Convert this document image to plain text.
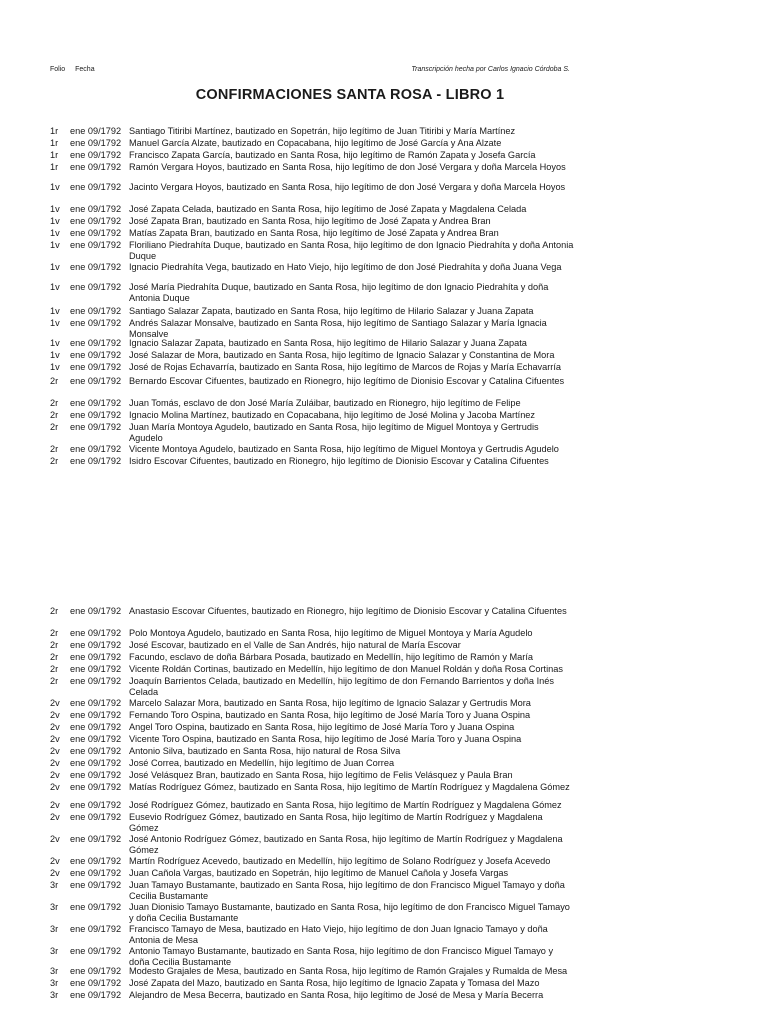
Folio Fecha	Transcripción hecha por Carlos Ignacio Córdoba S.
CONFIRMACIONES SANTA ROSA - LIBRO 1
1r ene 09/1792 Santiago Titiribi Martínez, bautizado en Sopetrán, hijo legítimo de Juan Titiribi y María Martínez
1r ene 09/1792 Manuel García Alzate, bautizado en Copacabana, hijo legítimo de José García y Ana Alzate
1r ene 09/1792 Francisco Zapata García, bautizado en Santa Rosa, hijo legítimo de Ramón Zapata y Josefa García
1r ene 09/1792 Ramón Vergara Hoyos, bautizado en Santa Rosa, hijo legítimo de don José Vergara y doña Marcela Hoyos
1v ene 09/1792 Jacinto Vergara Hoyos, bautizado en Santa Rosa, hijo legítimo de don José Vergara y doña Marcela Hoyos
1v ene 09/1792 José Zapata Celada, bautizado en Santa Rosa, hijo legítimo de José Zapata y Magdalena Celada
1v ene 09/1792 José Zapata Bran, bautizado en Santa Rosa, hijo legítimo de José Zapata y Andrea Bran
1v ene 09/1792 Matías Zapata Bran, bautizado en Santa Rosa, hijo legítimo de José Zapata y Andrea Bran
1v ene 09/1792 Floriliano Piedrahíta Duque, bautizado en Santa Rosa, hijo legítimo de don Ignacio Piedrahíta y doña Antonia Duque
1v ene 09/1792 Ignacio Piedrahíta Vega, bautizado en Hato Viejo, hijo legítimo de don José Piedrahíta y doña Juana Vega
1v ene 09/1792 José María Piedrahíta Duque, bautizado en Santa Rosa, hijo legítimo de don Ignacio Piedrahíta y doña Antonia Duque
1v ene 09/1792 Santiago Salazar Zapata, bautizado en Santa Rosa, hijo legítimo de Hilario Salazar y Juana Zapata
1v ene 09/1792 Andrés Salazar Monsalve, bautizado en Santa Rosa, hijo legítimo de Santiago Salazar y María Ignacia Monsalve
1v ene 09/1792 Ignacio Salazar Zapata, bautizado en Santa Rosa, hijo legítimo de Hilario Salazar y Juana Zapata
1v ene 09/1792 José Salazar de Mora, bautizado en Santa Rosa, hijo legítimo de Ignacio Salazar y Constantina de Mora
1v ene 09/1792 José de Rojas Echavarría, bautizado en Santa Rosa, hijo legítimo de Marcos de Rojas y María Echavarría
2r ene 09/1792 Bernardo Escovar Cifuentes, bautizado en Rionegro, hijo legítimo de Dionisio Escovar y Catalina Cifuentes
2r ene 09/1792 Juan Tomás, esclavo de don José María Zuláibar, bautizado en Rionegro, hijo legítimo de Felipe
2r ene 09/1792 Ignacio Molina Martínez, bautizado en Copacabana, hijo legítimo de José Molina y Jacoba Martínez
2r ene 09/1792 Juan María Montoya Agudelo, bautizado en Santa Rosa, hijo legítimo de Miguel Montoya y Gertrudis Agudelo
2r ene 09/1792 Vicente Montoya Agudelo, bautizado en Santa Rosa, hijo legítimo de Miguel Montoya y Gertrudis Agudelo
2r ene 09/1792 Isidro Escovar Cifuentes, bautizado en Rionegro, hijo legítimo de Dionisio Escovar y Catalina Cifuentes
2r ene 09/1792 Anastasio Escovar Cifuentes, bautizado en Rionegro, hijo legítimo de Dionisio Escovar y Catalina Cifuentes
2r ene 09/1792 Polo Montoya Agudelo, bautizado en Santa Rosa, hijo legítimo de Miguel Montoya y María Agudelo
2r ene 09/1792 José Escovar, bautizado en el Valle de San Andrés, hijo natural de María Escovar
2r ene 09/1792 Facundo, esclavo de doña Bárbara Posada, bautizado en Medellín, hijo legítimo de Ramón y María
2r ene 09/1792 Vicente Roldán Cortinas, bautizado en Medellín, hijo legítimo de don Manuel Roldán y doña Rosa Cortinas
2r ene 09/1792 Joaquín Barrientos Celada, bautizado en Medellín, hijo legítimo de don Fernando Barrientos y doña Inés Celada
2v ene 09/1792 Marcelo Salazar Mora, bautizado en Santa Rosa, hijo legítimo de Ignacio Salazar y Gertrudis Mora
2v ene 09/1792 Fernando Toro Ospina, bautizado en Santa Rosa, hijo legítimo de José María Toro y Juana Ospina
2v ene 09/1792 Angel Toro Ospina, bautizado en Santa Rosa, hijo legítimo de José María Toro y Juana Ospina
2v ene 09/1792 Vicente Toro Ospina, bautizado en Santa Rosa, hijo legítimo de José María Toro y Juana Ospina
2v ene 09/1792 Antonio Silva, bautizado en Santa Rosa, hijo natural de Rosa Silva
2v ene 09/1792 José Correa, bautizado en Medellín, hijo legítimo de Juan Correa
2v ene 09/1792 José Velásquez Bran, bautizado en Santa Rosa, hijo legítimo de Felis Velásquez y Paula Bran
2v ene 09/1792 Matías Rodríguez Gómez, bautizado en Santa Rosa, hijo legítimo de Martín Rodríguez y Magdalena Gómez
2v ene 09/1792 José Rodríguez Gómez, bautizado en Santa Rosa, hijo legítimo de Martín Rodríguez y Magdalena Gómez
2v ene 09/1792 Eusevio Rodríguez Gómez, bautizado en Santa Rosa, hijo legítimo de Martín Rodríguez y Magdalena Gómez
2v ene 09/1792 José Antonio Rodríguez Gómez, bautizado en Santa Rosa, hijo legítimo de Martín Rodríguez y Magdalena Gómez
2v ene 09/1792 Martín Rodríguez Acevedo, bautizado en Medellín, hijo legítimo de Solano Rodríguez y Josefa Acevedo
2v ene 09/1792 Juan Cañola Vargas, bautizado en Sopetrán, hijo legítimo de Manuel Cañola y Josefa Vargas
3r ene 09/1792 Juan Tamayo Bustamante, bautizado en Santa Rosa, hijo legítimo de don Francisco Miguel Tamayo y doña Cecilia Bustamante
3r ene 09/1792 Juan Dionisio Tamayo Bustamante, bautizado en Santa Rosa, hijo legítimo de don Francisco Miguel Tamayo y doña Cecilia Bustamante
3r ene 09/1792 Francisco Tamayo de Mesa, bautizado en Hato Viejo, hijo legítimo de don Juan Ignacio Tamayo y doña Antonia de Mesa
3r ene 09/1792 Antonio Tamayo Bustamante, bautizado en Santa Rosa, hijo legítimo de don Francisco Miguel Tamayo y doña Cecilia Bustamante
3r ene 09/1792 Modesto Grajales de Mesa, bautizado en Santa Rosa, hijo legítimo de Ramón Grajales y Rumalda de Mesa
3r ene 09/1792 José Zapata del Mazo, bautizado en Santa Rosa, hijo legítimo de Ignacio Zapata y Tomasa del Mazo
3r ene 09/1792 Alejandro de Mesa Becerra, bautizado en Santa Rosa, hijo legítimo de José de Mesa y María Becerra
